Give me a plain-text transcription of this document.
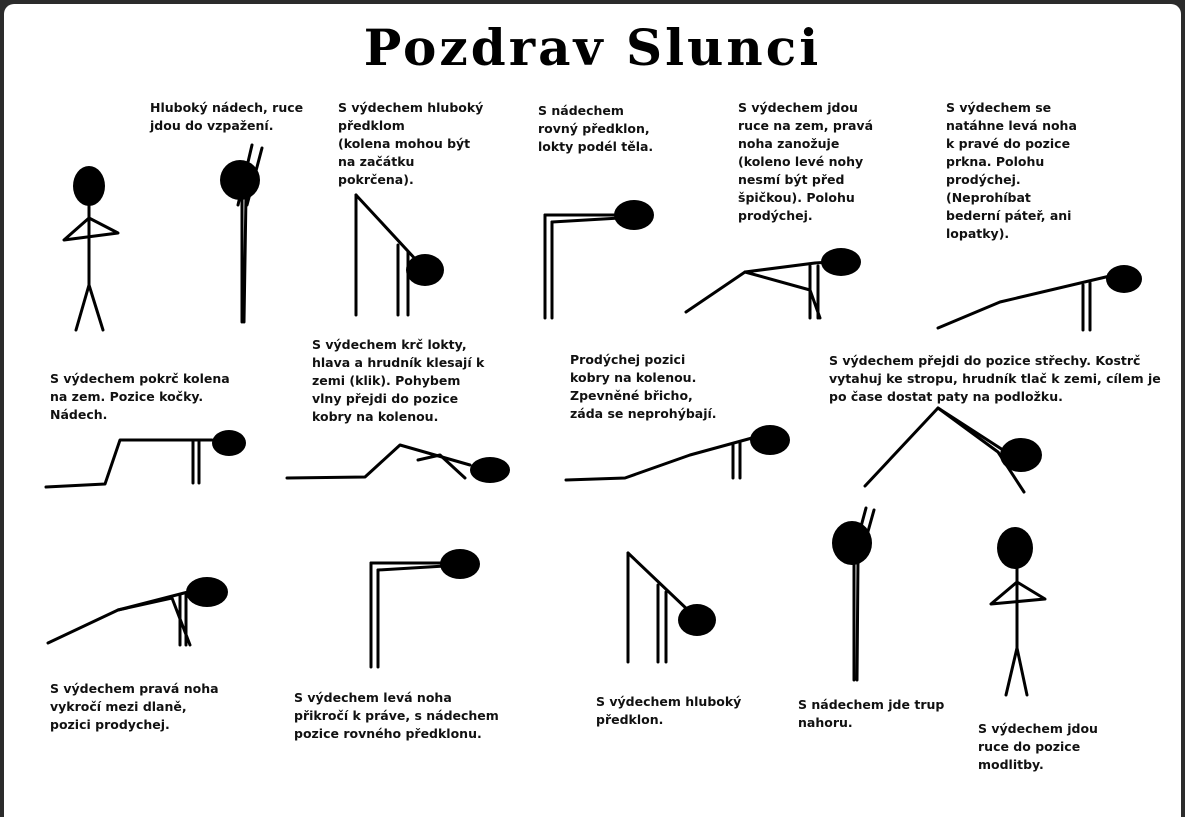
Pozdrav Slunci
Hluboký nádech, ruce
jdou do vzpažení.
S výdechem hluboký
předklom
(kolena mohou být
na začátku
pokrčena).
S nádechem
rovný předklon,
lokty podél těla.
S výdechem jdou
ruce na zem, pravá
noha zanožuje
(koleno levé nohy
nesmí být před
špičkou). Polohu
prodýchej.
S výdechem se
natáhne levá noha
k pravé do pozice
prkna. Polohu
prodýchej.
(Neprohíbat
bederní páteř, ani
lopatky).
S výdechem pokrč kolena
na zem. Pozice kočky.
Nádech.
S výdechem krč lokty,
hlava a hrudník klesají k
zemi (klik). Pohybem
vlny přejdi do pozice
kobry na kolenou.
Prodýchej pozici
kobry na kolenou.
Zpevněné břicho,
záda se neprohýbají.
S výdechem přejdi do pozice střechy. Kostrč
vytahuj ke stropu, hrudník tlač k zemi, cílem je
po čase dostat paty na podložku.
S výdechem pravá noha
vykročí mezi dlaně,
pozici prodychej.
S výdechem levá noha
přikročí k práve, s nádechem
pozice rovného předklonu.
S výdechem hluboký
předklon.
S nádechem jde trup
nahoru.	S výdechem jdou
ruce do pozice
modlitby.
